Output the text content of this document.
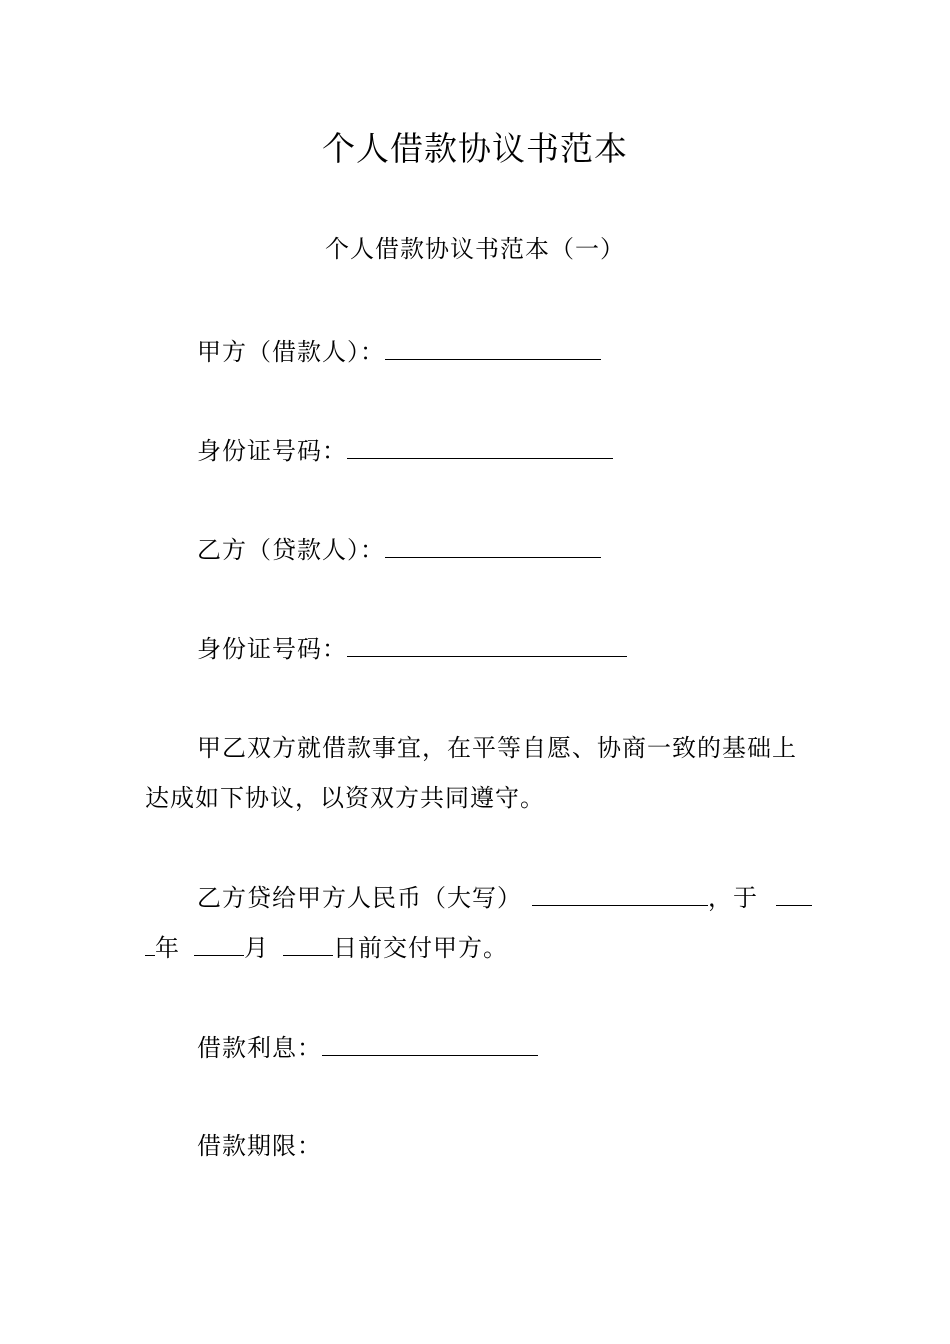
个人借款协议书范本

个人借款协议书范本（一）

甲方（借款人）：

身份证号码：

乙方（贷款人）：

身份证号码：

甲乙双方就借款事宜，在平等自愿、协商一致的基础上达成如下协议，以资双方共同遵守。

乙方贷给甲方人民币（大写）	，于

年	月	日前交付甲方。

借款利息：

借款期限：
